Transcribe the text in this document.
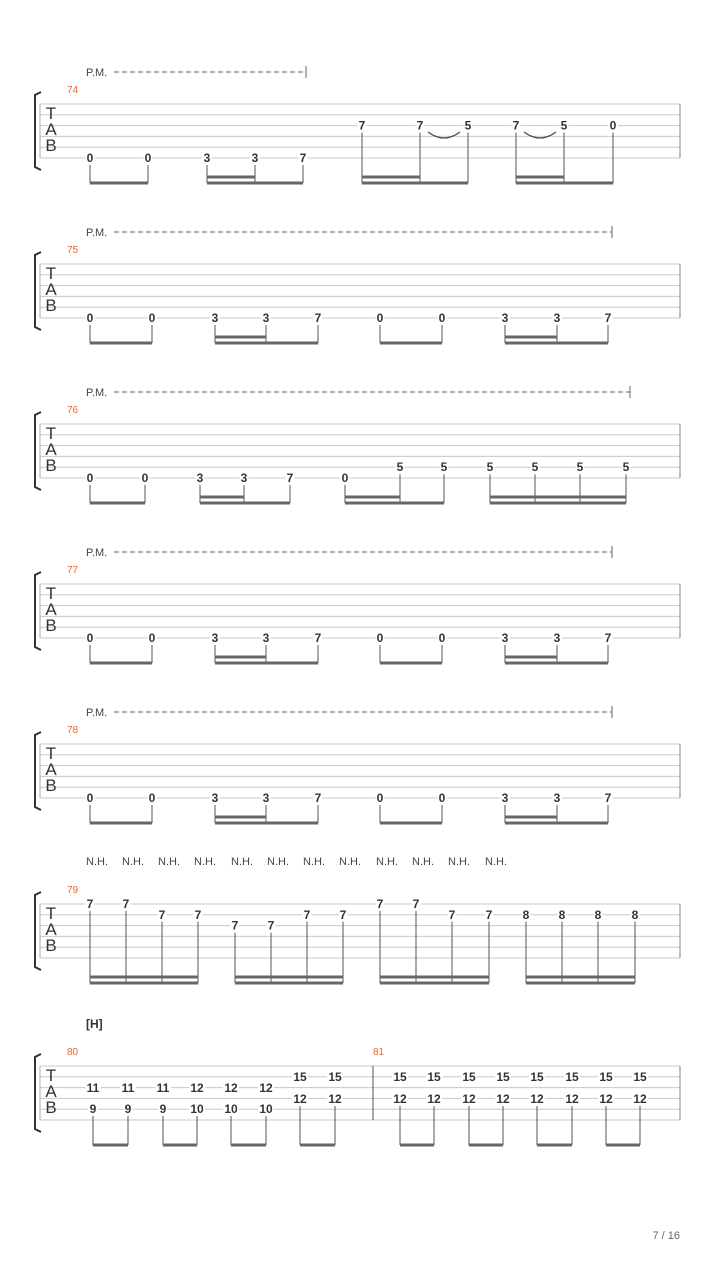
T
A
B
74
P.M.
0	0	3	3	7
7	7	5	7	5	0
T
A
B
75
P.M.
0	0	3	3	7	0	0	3	3	7
T
A
B
76
P.M.
0	0	3	3	7	0
5	5	5	5	5	5
T
A
B
77
P.M.
0	0	3	3	7	0	0	3	3	7
T
A
B
78
P.M.
0	0	3	3	7	0	0	3	3	7
T
A
B
79
N.H. N.H. N.H. N.H. N.H. N.H. N.H. N.H. N.H. N.H. N.H. N.H.
7 7
7 7
7 7
7 7
7 7
7	7	8 8 8	8
T
A
B
80	81
[H]
11
9
11
9
11
9
12
10
12
10
12
10
15
12
15
12
15
12
15
12
15
12
15
12
15
12
15
12
15
12
15
12
7 / 16
